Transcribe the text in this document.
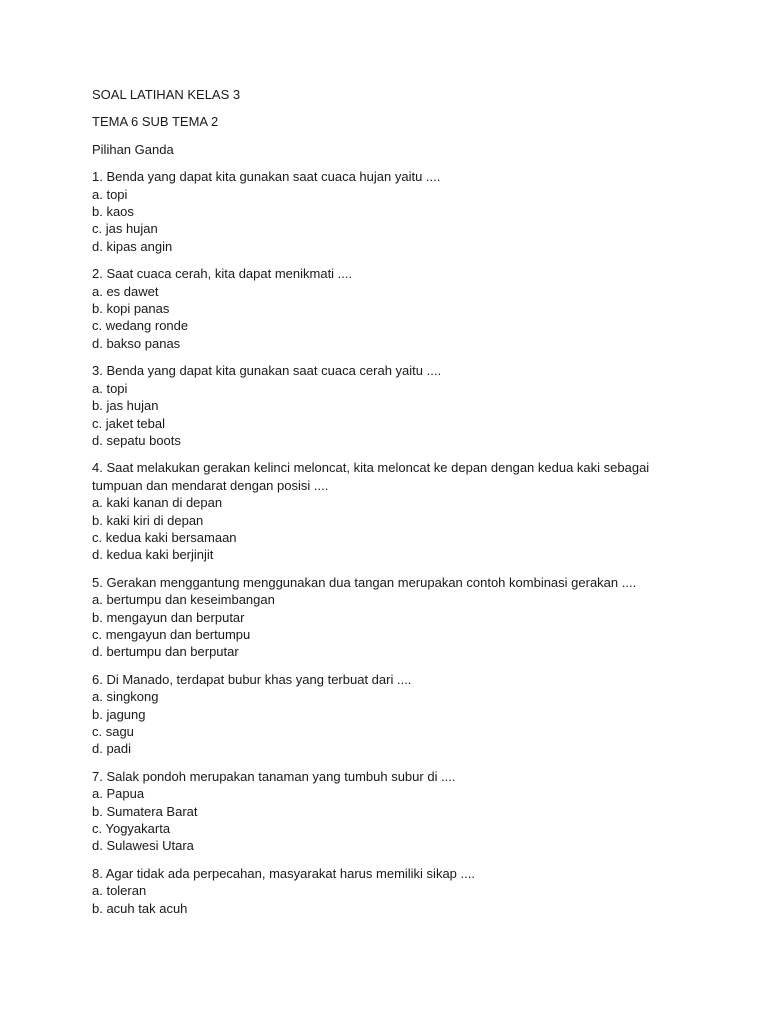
SOAL LATIHAN KELAS 3
TEMA 6 SUB TEMA 2
Pilihan Ganda
1. Benda yang dapat kita gunakan saat cuaca hujan yaitu ....
a. topi
b. kaos
c. jas hujan
d. kipas angin
2. Saat cuaca cerah, kita dapat menikmati ....
a. es dawet
b. kopi panas
c. wedang ronde
d. bakso panas
3. Benda yang dapat kita gunakan saat cuaca cerah yaitu ....
a. topi
b. jas hujan
c. jaket tebal
d. sepatu boots
4. Saat melakukan gerakan kelinci meloncat, kita meloncat ke depan dengan kedua kaki sebagai tumpuan dan mendarat dengan posisi ....
a. kaki kanan di depan
b. kaki kiri di depan
c. kedua kaki bersamaan
d. kedua kaki berjinjit
5. Gerakan menggantung menggunakan dua tangan merupakan contoh kombinasi gerakan ....
a. bertumpu dan keseimbangan
b. mengayun dan berputar
c. mengayun dan bertumpu
d. bertumpu dan berputar
6. Di Manado, terdapat bubur khas yang terbuat dari ....
a. singkong
b. jagung
c. sagu
d. padi
7. Salak pondoh merupakan tanaman yang tumbuh subur di ....
a. Papua
b. Sumatera Barat
c. Yogyakarta
d. Sulawesi Utara
8. Agar tidak ada perpecahan, masyarakat harus memiliki sikap ....
a. toleran
b. acuh tak acuh
